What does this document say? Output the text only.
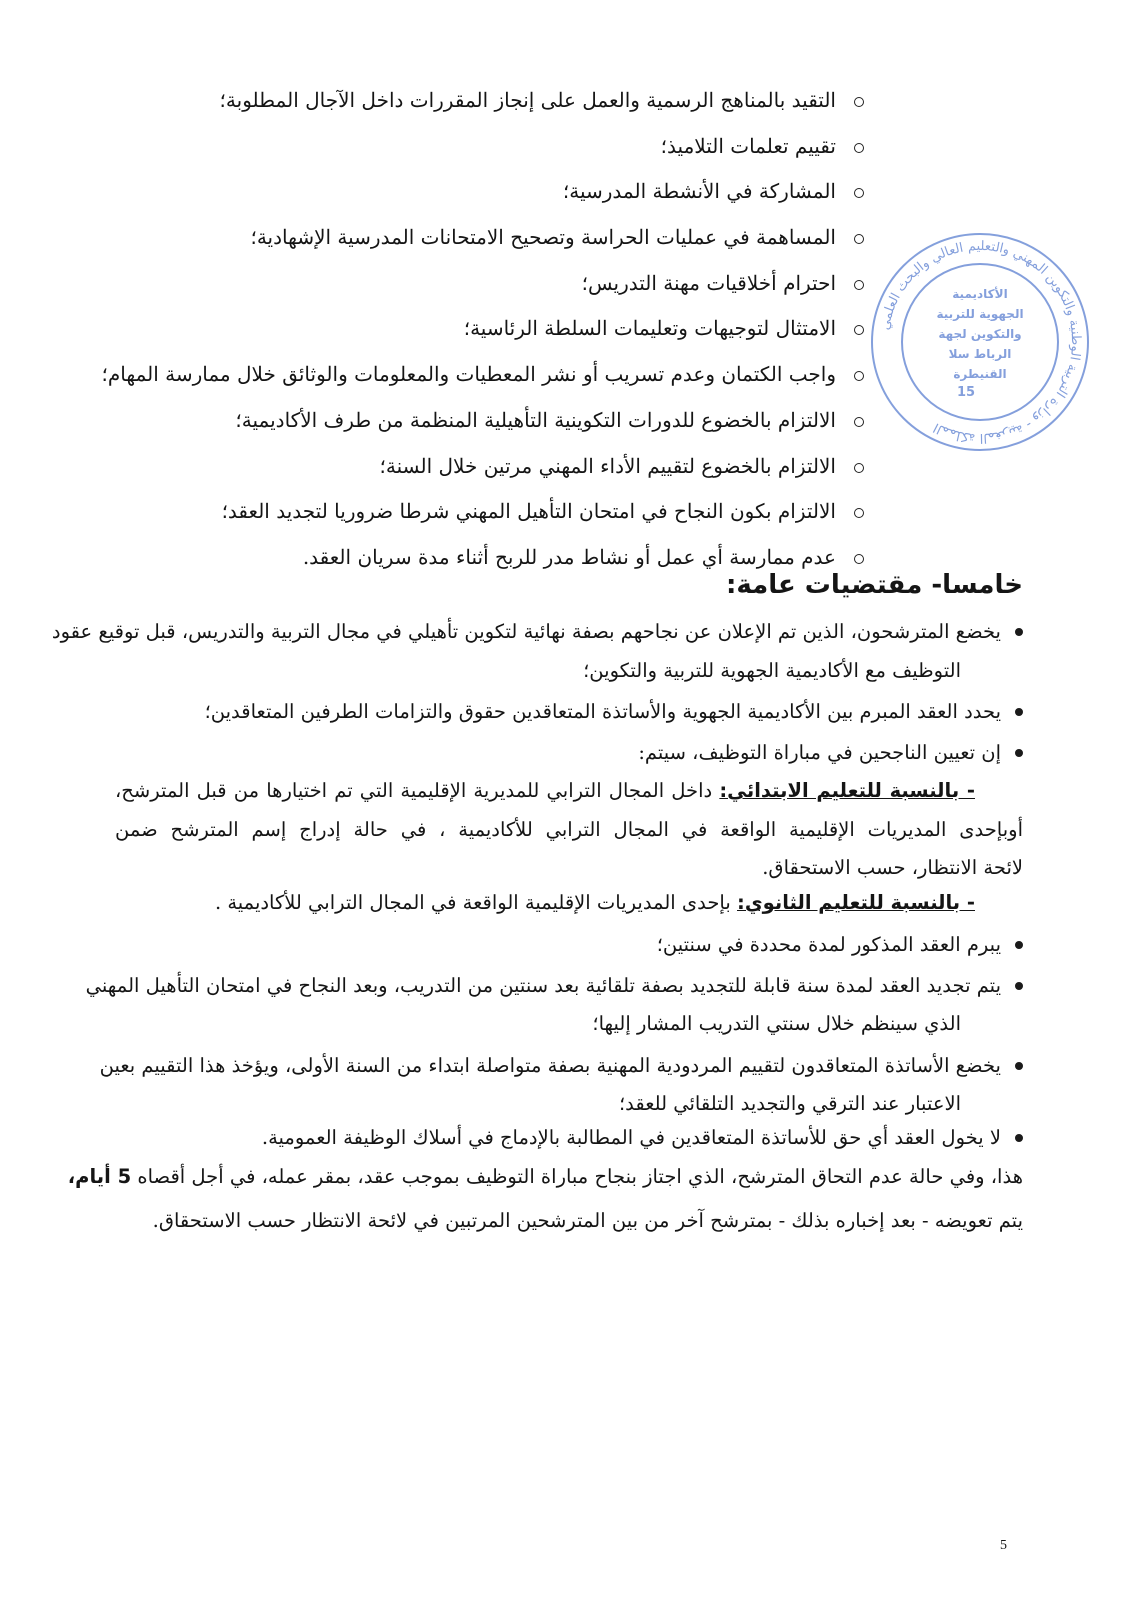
التقيد بالمناهج الرسمية والعمل على إنجاز المقررات داخل الآجال المطلوبة؛
تقييم تعلمات التلاميذ؛
المشاركة في الأنشطة المدرسية؛
المساهمة في عمليات الحراسة وتصحيح الامتحانات المدرسية الإشهادية؛
احترام أخلاقيات مهنة التدريس؛
الامتثال لتوجيهات وتعليمات السلطة الرئاسية؛
واجب الكتمان وعدم تسريب أو نشر المعطيات والمعلومات والوثائق خلال ممارسة المهام؛
الالتزام بالخضوع للدورات التكوينية التأهيلية المنظمة من طرف الأكاديمية؛
الالتزام بالخضوع لتقييم الأداء المهني مرتين خلال السنة؛
الالتزام بكون النجاح في امتحان التأهيل المهني شرطا ضروريا لتجديد العقد؛
عدم ممارسة أي عمل أو نشاط مدر للربح أثناء مدة سريان العقد.
المملكة المغربية - وزارة التربية الوطنية والتكوين المهني والتعليم العالي والبحث العلمي
الأكاديمية
الجهوية للتربية
والتكوين لجهة
الرباط سلا
القنيطرة
15
خامسا- مقتضيات عامة:
يخضع المترشحون، الذين تم الإعلان عن نجاحهم بصفة نهائية لتكوين تأهيلي في مجال التربية والتدريس، قبل توقيع عقود
التوظيف مع الأكاديمية الجهوية للتربية والتكوين؛
يحدد العقد المبرم بين الأكاديمية الجهوية والأساتذة المتعاقدين حقوق والتزامات الطرفين المتعاقدين؛
إن تعيين الناجحين في مباراة التوظيف، سيتم:
- بالنسبة للتعليم الابتدائي: داخل المجال الترابي للمديرية الإقليمية التي تم اختيارها من قبل المترشح،
أوبإحدى المديريات الإقليمية الواقعة في المجال الترابي للأكاديمية ، في حالة إدراج إسم المترشح ضمن
لائحة الانتظار، حسب الاستحقاق.
- بالنسبة للتعليم الثانوي: بإحدى المديريات الإقليمية الواقعة في المجال الترابي للأكاديمية .
يبرم العقد المذكور لمدة محددة في سنتين؛
يتم تجديد العقد لمدة سنة قابلة للتجديد بصفة تلقائية بعد سنتين من التدريب، وبعد النجاح في امتحان التأهيل المهني
الذي سينظم خلال سنتي التدريب المشار إليها؛
يخضع الأساتذة المتعاقدون لتقييم المردودية المهنية بصفة متواصلة ابتداء من السنة الأولى، ويؤخذ هذا التقييم بعين
الاعتبار عند الترقي والتجديد التلقائي للعقد؛
لا يخول العقد أي حق للأساتذة المتعاقدين في المطالبة بالإدماج في أسلاك الوظيفة العمومية.
هذا، وفي حالة عدم التحاق المترشح، الذي اجتاز بنجاح مباراة التوظيف بموجب عقد، بمقر عمله، في أجل أقصاه 5 أيام،
يتم تعويضه - بعد إخباره بذلك - بمترشح آخر من بين المترشحين المرتبين في لائحة الانتظار حسب الاستحقاق.
5
